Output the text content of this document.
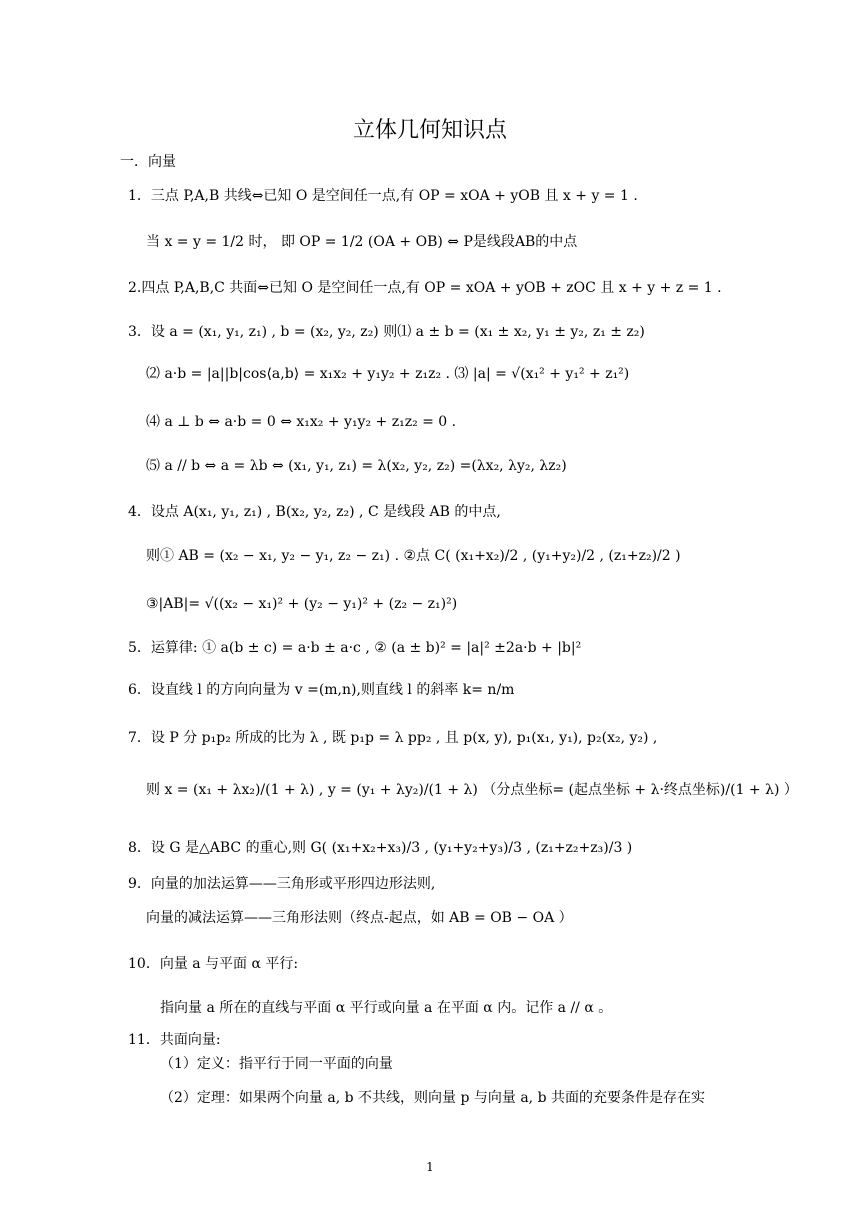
立体几何知识点
一．向量
1．三点 P,A,B 共线⇔已知 O 是空间任一点,有 OP = xOA + yOB 且 x + y = 1 .
当 x = y = 1/2 时， 即 OP = 1/2 (OA + OB) ⇔ P是线段AB的中点
2.四点 P,A,B,C 共面⇔已知 O 是空间任一点,有 OP = xOA + yOB + zOC 且 x + y + z = 1 .
3．设 a = (x₁, y₁, z₁) , b = (x₂, y₂, z₂) 则⑴ a ± b = (x₁ ± x₂, y₁ ± y₂, z₁ ± z₂)
⑵ a·b = |a||b|cos⟨a,b⟩ = x₁x₂ + y₁y₂ + z₁z₂ . ⑶ |a| = √(x₁² + y₁² + z₁²)
⑷ a ⊥ b ⇔ a·b = 0 ⇔ x₁x₂ + y₁y₂ + z₁z₂ = 0 .
⑸ a // b ⇔ a = λb ⇔ (x₁, y₁, z₁) = λ(x₂, y₂, z₂) =(λx₂, λy₂, λz₂)
4．设点 A(x₁, y₁, z₁) , B(x₂, y₂, z₂) , C 是线段 AB 的中点,
则① AB = (x₂ − x₁, y₂ − y₁, z₂ − z₁) . ②点 C( (x₁+x₂)/2 , (y₁+y₂)/2 , (z₁+z₂)/2 )
③|AB|= √((x₂ − x₁)² + (y₂ − y₁)² + (z₂ − z₁)²)
5．运算律: ① a(b ± c) = a·b ± a·c , ② (a ± b)² = |a|² ±2a·b + |b|²
6．设直线 l 的方向向量为 v =(m,n),则直线 l 的斜率 k= n/m
7．设 P 分 p₁p₂ 所成的比为 λ , 既 p₁p = λ pp₂ , 且 p(x, y), p₁(x₁, y₁), p₂(x₂, y₂) ,
则 x = (x₁ + λx₂)/(1 + λ) , y = (y₁ + λy₂)/(1 + λ) （分点坐标= (起点坐标 + λ·终点坐标)/(1 + λ) ）
8．设 G 是△ABC 的重心,则 G( (x₁+x₂+x₃)/3 , (y₁+y₂+y₃)/3 , (z₁+z₂+z₃)/3 )
9．向量的加法运算——三角形或平形四边形法则,
向量的减法运算——三角形法则（终点-起点，如 AB = OB − OA ）
10．向量 a 与平面 α 平行:
指向量 a 所在的直线与平面 α 平行或向量 a 在平面 α 内。记作 a // α 。
11．共面向量:
（1）定义：指平行于同一平面的向量
（2）定理：如果两个向量 a, b 不共线，则向量 p 与向量 a, b 共面的充要条件是存在实
1
